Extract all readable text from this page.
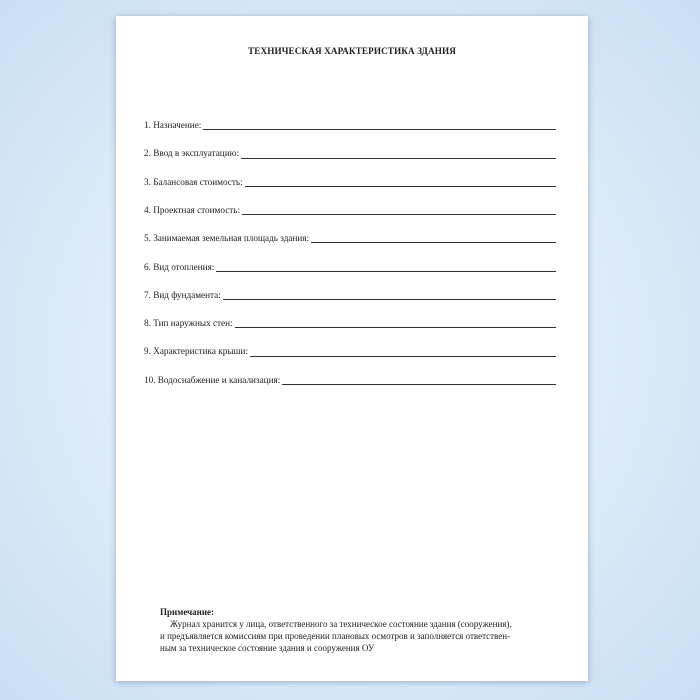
ТЕХНИЧЕСКАЯ ХАРАКТЕРИСТИКА ЗДАНИЯ
1. Назначение:
2. Ввод в эксплуатацию:
3. Балансовая стоимость:
4. Проектная стоимость:
5. Занимаемая земельная площадь здания:
6. Вид отопления:
7. Вид фундамента:
8. Тип наружных стен:
9. Характеристика крыши:
10. Водоснабжение и канализация:
Примечание:
Журнал хранится у лица, ответственного за техническое состояние здания (сооружения),
и предъявляется комиссиям при проведении плановых осмотров и заполняется ответствен-
ным за техническое состояние здания и сооружения ОУ
